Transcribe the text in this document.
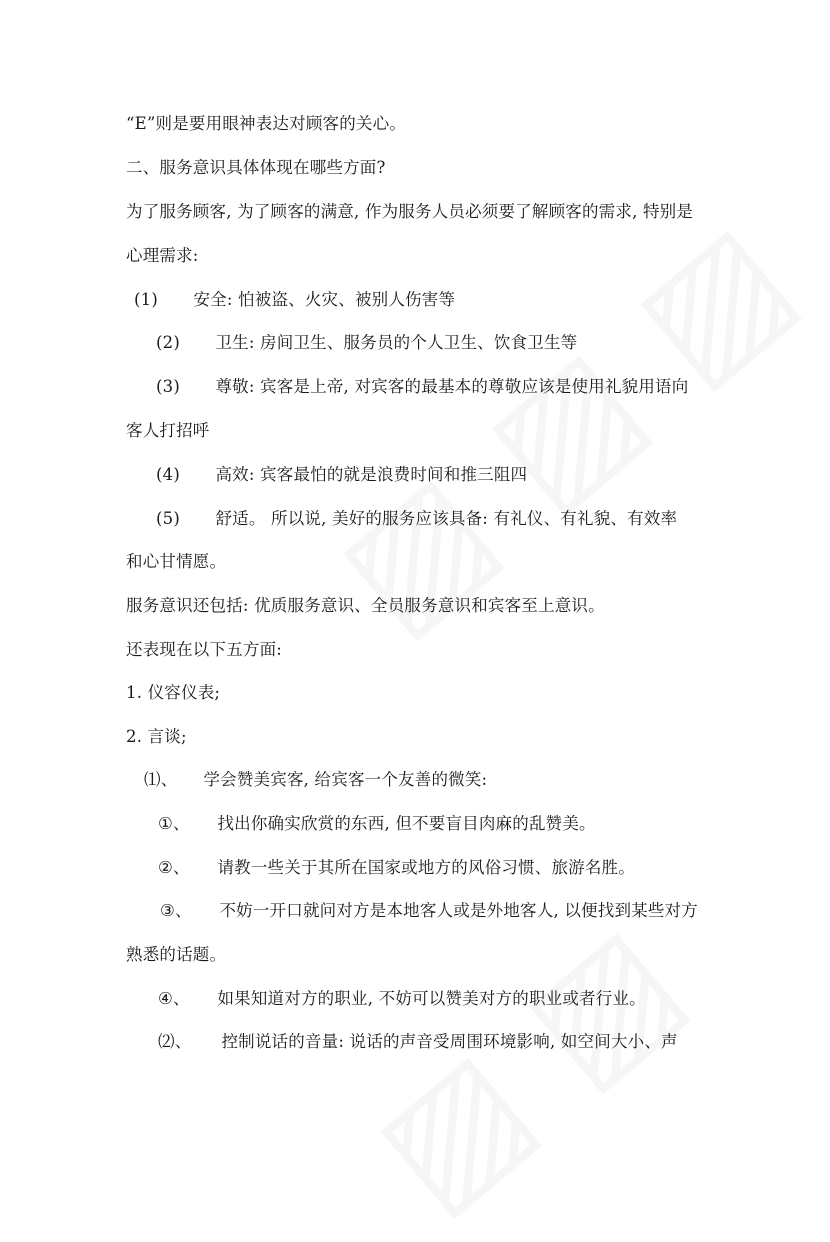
“E”则是要用眼神表达对顾客的关心。
二、服务意识具体体现在哪些方面?
为了服务顾客, 为了顾客的满意, 作为服务人员必须要了解顾客的需求, 特别是
心理需求:
(1) 安全: 怕被盗、火灾、被别人伤害等
(2) 卫生: 房间卫生、服务员的个人卫生、饮食卫生等
(3) 尊敬: 宾客是上帝, 对宾客的最基本的尊敬应该是使用礼貌用语向
客人打招呼
(4) 高效: 宾客最怕的就是浪费时间和推三阻四
(5) 舒适。 所以说, 美好的服务应该具备: 有礼仪、有礼貌、有效率
和心甘情愿。
服务意识还包括: 优质服务意识、全员服务意识和宾客至上意识。
还表现在以下五方面:
1. 仪容仪表;
2. 言谈;
⑴、 学会赞美宾客, 给宾客一个友善的微笑:
①、 找出你确实欣赏的东西, 但不要盲目肉麻的乱赞美。
②、 请教一些关于其所在国家或地方的风俗习惯、旅游名胜。
③、 不妨一开口就问对方是本地客人或是外地客人, 以便找到某些对方
熟悉的话题。
④、 如果知道对方的职业, 不妨可以赞美对方的职业或者行业。
⑵、 控制说话的音量: 说话的声音受周围环境影响, 如空间大小、声
